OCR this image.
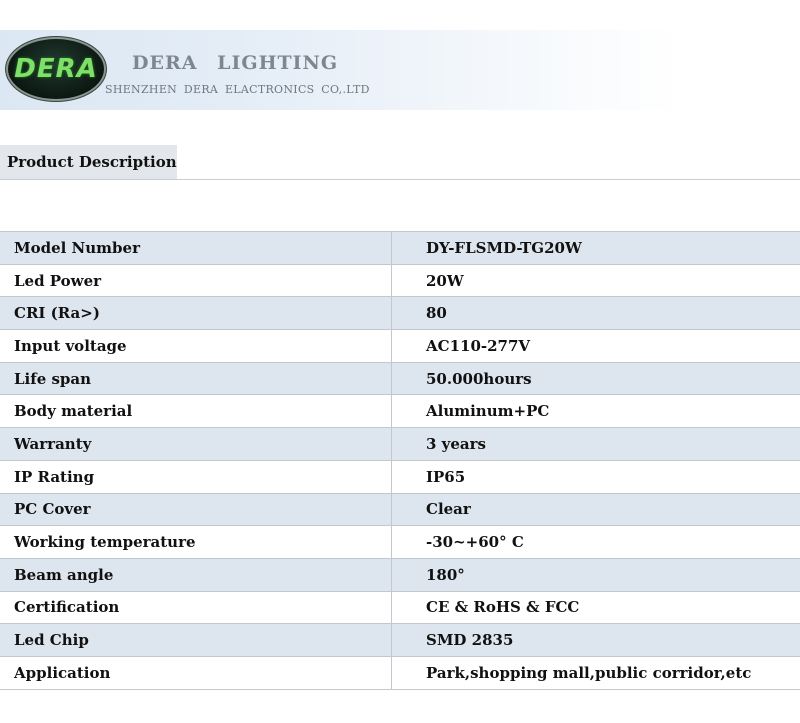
DERA DERA LIGHTING
SHENZHEN DERA ELACTRONICS CO,.LTD
Product Description
Model Number	DY-FLSMD-TG20W
Led Power	20W
CRI (Ra>)	80
Input voltage	AC110-277V
Life span	50.000hours
Body material	Aluminum+PC
Warranty	3 years
IP Rating	IP65
PC Cover	Clear
Working temperature	-30~+60° C
Beam angle	180°
Certification	CE & RoHS & FCC
Led Chip	SMD 2835
Application	Park,shopping mall,public corridor,etc
